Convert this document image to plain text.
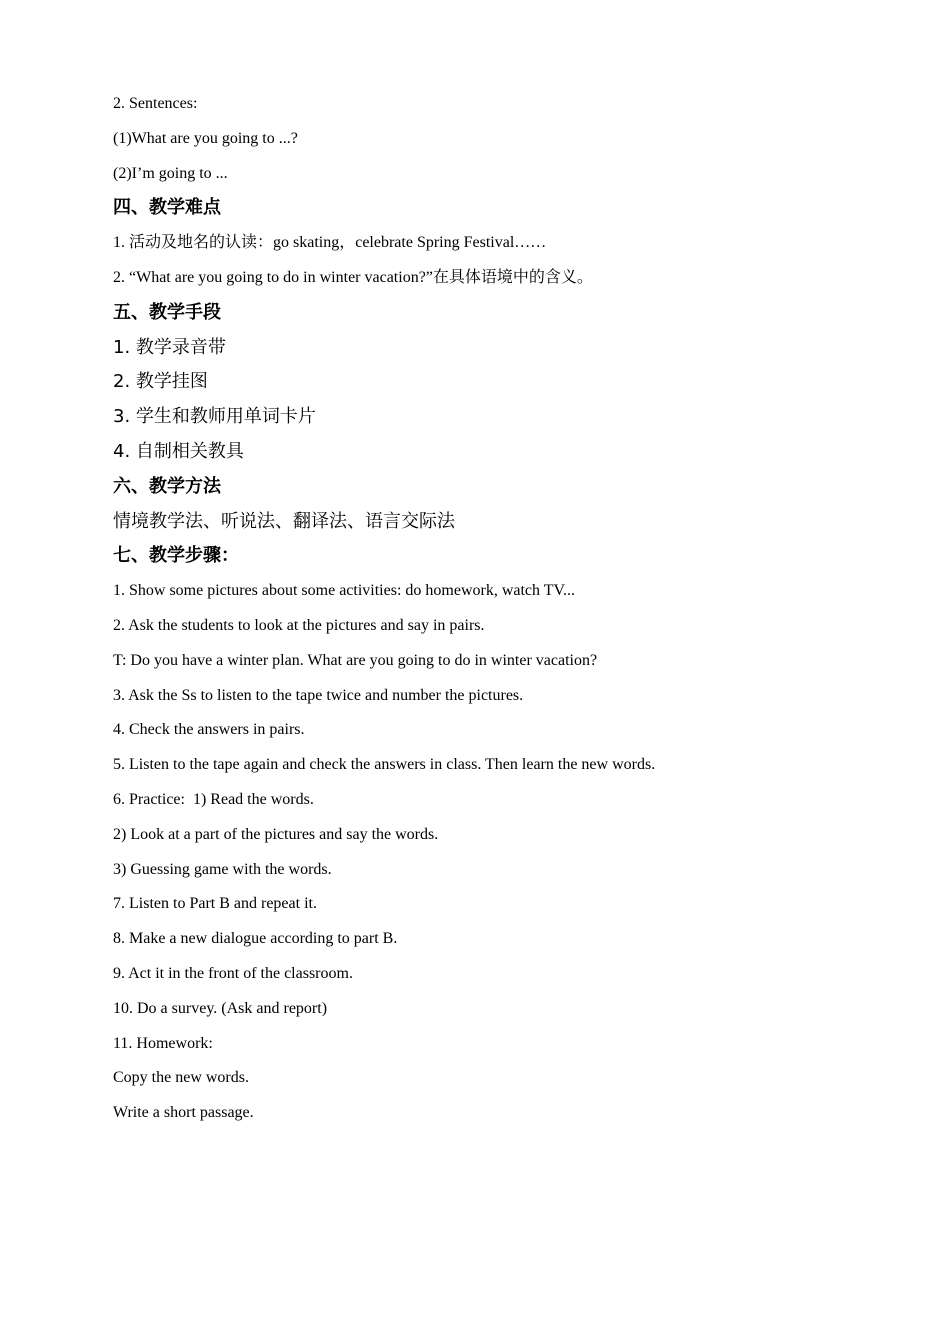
2. Sentences:

(1)What are you going to ...?

(2)I’m going to ...

四、教学难点

1. 活动及地名的认读：go skating，celebrate Spring Festival……

2. “What are you going to do in winter vacation?”在具体语境中的含义。

五、教学手段

1. 教学录音带

2. 教学挂图

3. 学生和教师用单词卡片

4. 自制相关教具

六、教学方法

情境教学法、听说法、翻译法、语言交际法

七、教学步骤：

1. Show some pictures about some activities: do homework, watch TV...

2. Ask the students to look at the pictures and say in pairs.

T: Do you have a winter plan. What are you going to do in winter vacation?

3. Ask the Ss to listen to the tape twice and number the pictures.

4. Check the answers in pairs.

5. Listen to the tape again and check the answers in class. Then learn the new words.

6. Practice:  1) Read the words.

2) Look at a part of the pictures and say the words.

3) Guessing game with the words.

7. Listen to Part B and repeat it.

8. Make a new dialogue according to part B.

9. Act it in the front of the classroom.

10. Do a survey. (Ask and report)

11. Homework:

Copy the new words.

Write a short passage.
